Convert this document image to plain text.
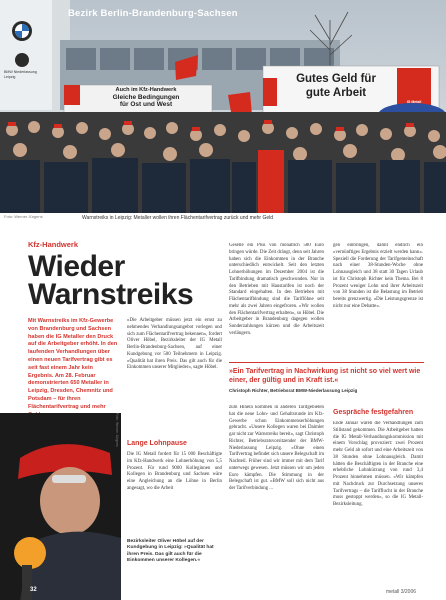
Bezirk Berlin-Brandenburg-Sachsen
Auch im Kfz-Handwerk
Gleiche Bedingungen
für Ost und West
Gutes Geld für
gute Arbeit
BMW Niederlassung
Leipzig
IG Metall
Foto: Werner Jürgens	Warnstreiks in Leipzig: Metaller wollen ihren Flächentarifvertrag zurück und mehr Geld
Kfz-Handwerk
Wieder
Warnstreiks
Mit Warnstreiks im Kfz-Gewerbe von Brandenburg und Sachsen haben die IG Metaller den Druck auf die Arbeitgeber erhöht. In den laufenden Verhandlungen über einen neuen Tarifvertrag gibt es seit fast einem Jahr kein Ergebnis. Am 28. Februar demonstrierten 650 Metaller in Leipzig, Dresden, Chemnitz und Potsdam – für ihren Flächentarifvertrag und mehr

»Die Arbeitgeber müssen jetzt ein ernst zu nehmendes Verhandlungsangebot vorlegen und sich zum Flächentarifvertrag bekennen«, fordert Oliver Höbel, Bezirksleiter der IG Metall Berlin-Brandenburg-Sachsen, auf einer Kundgebung vor 500 Teilnehmern in Leipzig. »Qualität hat ihren Preis. Das gilt auch für die Einkommen unserer Mitglieder«, sagte Höbel.

Lange Lohnpause

Die IG Metall fordert für 15 000 Beschäftigte im Kfz-Handwerk eine Lohnerhöhung von 5,5 Prozent. Für rund 9000 Kolleginnen und Kollegen in Brandenburg und Sachsen wäre eine Angleichung an die Löhne in Berlin angesagt, wo die Arbeit

Geselle ein Plus von monatlich 580 Euro bringen würde. Die Zeit drängt, denn seit Jahren haben sich die Einkommen in der Branche unterschiedlich entwickelt. Seit den letzten Lohnerhöhungen im Dezember 2004 ist die Tarifbindung dramatisch geschwunden. Nur in den Betrieben mit Haustarifen ist noch der Standard eingehalten. In den Betrieben mit Flächentarifbindung sind die Tariflöhne seit mehr als zwei Jahren eingefroren. »Wir wollen den Flächentarifvertrag erhalten«, so Höbel. Die Arbeitgeber in Brandenburg dagegen wollen Sonderzahlungen kürzen und die Arbeitszeit verlängern.

gen einbringen, damit endlich ein »vernünftiges Ergebnis erzielt werden kann«. Speziell die Forderung der Tarifgemeinschaft nach einer 38-Stunden-Woche ohne Lohnausgleich und 38 statt 30 Tagen Urlaub ist für Christoph Richter kein Thema. Bei 8 Prozent weniger Lohn und ihrer Arbeitszeit von 38 Stunden ist die Belastung im Betrieb bereits grenzwertig. »Die Leistungsgrenze ist nicht nur eine Debatte«.

»Ein Tarifvertrag in Nachwirkung ist nicht so viel wert wie einer, der gültig und in Kraft ist.«
Christoph Richter, Betriebsrat BMW-Niederlassung Leipzig

zum Hinein kommen in anderen Tarifgebieten hat die neue Lohn- und Gehaltsrunde im Kfz-Gewerbe schon Einkommenserhöhungen gebracht. »Unsere Kollegen waren bei Daimler gar nicht zur Warnstreiks bereit«, sagt Christoph Richter, Betriebsratsvorsitzender der BMW-Niederlassung Leipzig. »Ohne einen Tarifvertrag befindet sich unsere Belegschaft im Nachteil. Früher sind wir immer mit dem Tarif unterwegs gewesen. Jetzt müssen wir um jeden Euro kämpfen. Die Stimmung in der Belegschaft ist gut. »BMW soll sich nicht aus der Tarifverbindung ...

Gespräche festgefahren

Ende Januar waren die Verhandlungen zum Stillstand gekommen. Die Arbeitgeber hatten die IG Metall-Verhandlungskommission mit einem Vorschlag provoziert: zwei Prozent mehr Geld ab sofort und eine Arbeitszeit von 38 Stunden ohne Lohnausgleich. Damit hätten die Beschäftigten in der Branche eine erhebliche Lohnkürzung von rund 3,4 Prozent hinnehmen müssen. »Wir kämpfen mit Nachdruck zur Durchsetzung unseres Tarifvertrags – die Tarifflucht in der Branche muss gestoppt werden«, so die IG Metall-Bezirksleitung.

Foto: Werner Jürgens
Bezirksleiter Oliver Höbel auf der Kundgebung in Leipzig: »Qualität hat ihren Preis. Das gilt auch für die Einkommen unserer Kollegen.«
32	metall 3/2006
